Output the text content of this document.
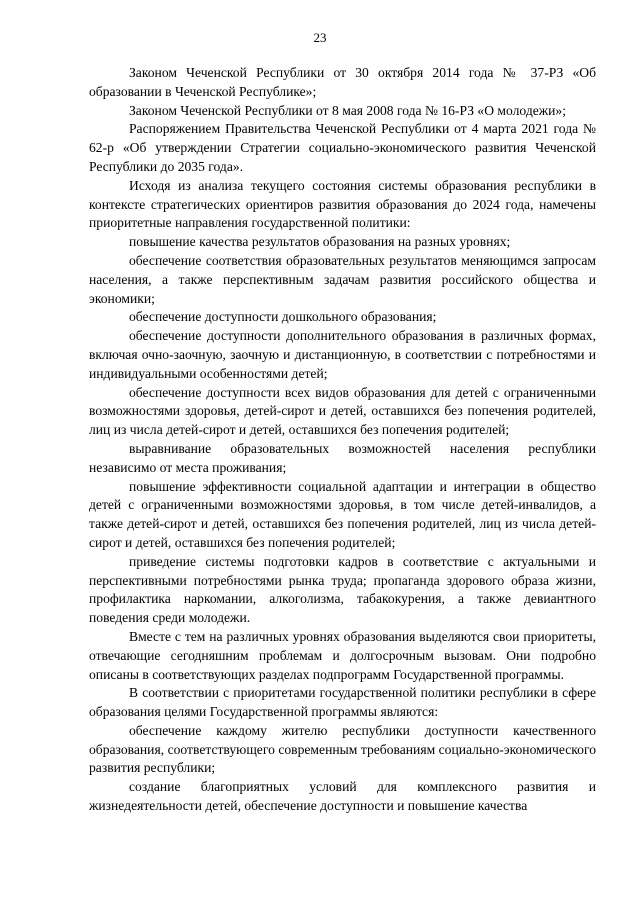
23

Законом Чеченской Республики от 30 октября 2014 года № 37-РЗ «Об образовании в Чеченской Республике»;

Законом Чеченской Республики от 8 мая 2008 года № 16-РЗ «О молодежи»;

Распоряжением Правительства Чеченской Республики от 4 марта 2021 года № 62-р «Об утверждении Стратегии социально-экономического развития Чеченской Республики до 2035 года».

Исходя из анализа текущего состояния системы образования республики в контексте стратегических ориентиров развития образования до 2024 года, намечены приоритетные направления государственной политики:

повышение качества результатов образования на разных уровнях;

обеспечение соответствия образовательных результатов меняющимся запросам населения, а также перспективным задачам развития российского общества и экономики;

обеспечение доступности дошкольного образования;

обеспечение доступности дополнительного образования в различных формах, включая очно-заочную, заочную и дистанционную, в соответствии с потребностями и индивидуальными особенностями детей;

обеспечение доступности всех видов образования для детей с ограниченными возможностями здоровья, детей-сирот и детей, оставшихся без попечения родителей, лиц из числа детей-сирот и детей, оставшихся без попечения родителей;

выравнивание образовательных возможностей населения республики независимо от места проживания;

повышение эффективности социальной адаптации и интеграции в общество детей с ограниченными возможностями здоровья, в том числе детей-инвалидов, а также детей-сирот и детей, оставшихся без попечения родителей, лиц из числа детей-сирот и детей, оставшихся без попечения родителей;

приведение системы подготовки кадров в соответствие с актуальными и перспективными потребностями рынка труда; пропаганда здорового образа жизни, профилактика наркомании, алкоголизма, табакокурения, а также девиантного поведения среди молодежи.

Вместе с тем на различных уровнях образования выделяются свои приоритеты, отвечающие сегодняшним проблемам и долгосрочным вызовам. Они подробно описаны в соответствующих разделах подпрограмм Государственной программы.

В соответствии с приоритетами государственной политики республики в сфере образования целями Государственной программы являются:

обеспечение каждому жителю республики доступности качественного образования, соответствующего современным требованиям социально-экономического развития республики;

создание благоприятных условий для комплексного развития и жизнедеятельности детей, обеспечение доступности и повышение качества
